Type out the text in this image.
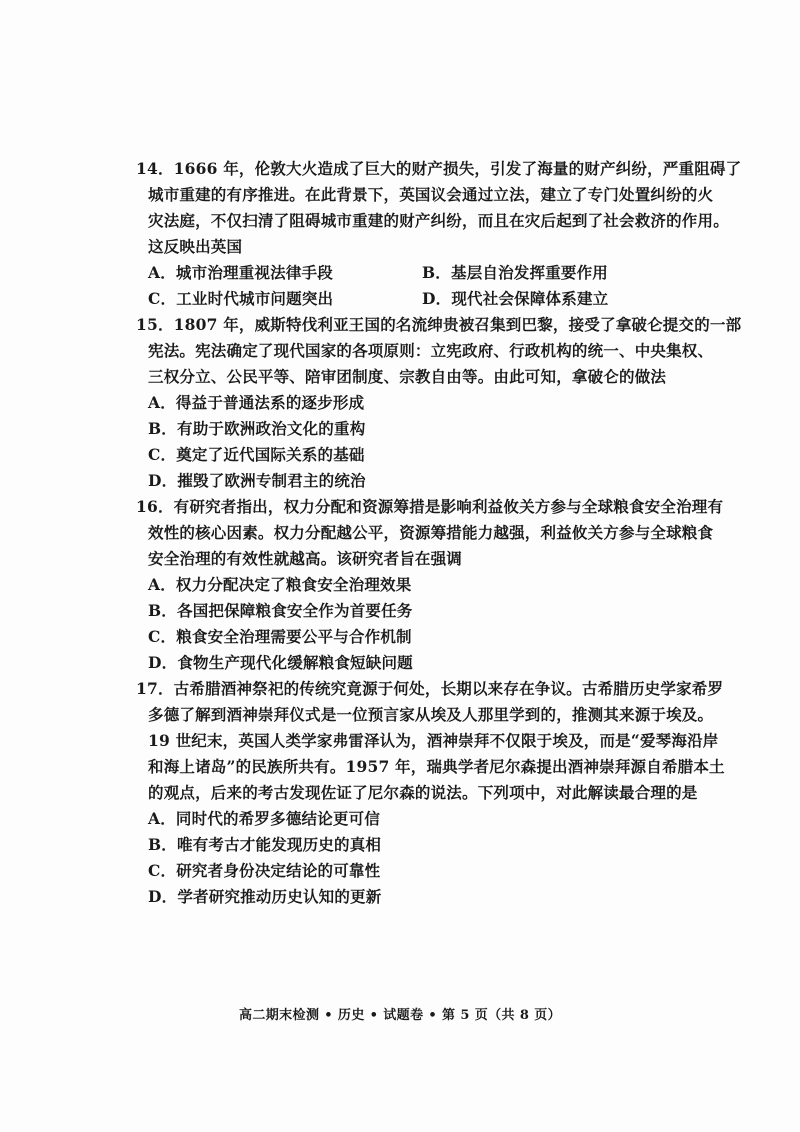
14．1666 年，伦敦大火造成了巨大的财产损失，引发了海量的财产纠纷，严重阻碍了
城市重建的有序推进。在此背景下，英国议会通过立法，建立了专门处置纠纷的火
灾法庭，不仅扫清了阻碍城市重建的财产纠纷，而且在灾后起到了社会救济的作用。
这反映出英国
A．城市治理重视法律手段	B．基层自治发挥重要作用
C．工业时代城市问题突出	D．现代社会保障体系建立
15．1807 年，威斯特伐利亚王国的名流绅贵被召集到巴黎，接受了拿破仑提交的一部
宪法。宪法确定了现代国家的各项原则：立宪政府、行政机构的统一、中央集权、
三权分立、公民平等、陪审团制度、宗教自由等。由此可知，拿破仑的做法
A．得益于普通法系的逐步形成
B．有助于欧洲政治文化的重构
C．奠定了近代国际关系的基础
D．摧毁了欧洲专制君主的统治
16．有研究者指出，权力分配和资源筹措是影响利益攸关方参与全球粮食安全治理有
效性的核心因素。权力分配越公平，资源筹措能力越强，利益攸关方参与全球粮食
安全治理的有效性就越高。该研究者旨在强调
A．权力分配决定了粮食安全治理效果
B．各国把保障粮食安全作为首要任务
C．粮食安全治理需要公平与合作机制
D．食物生产现代化缓解粮食短缺问题
17．古希腊酒神祭祀的传统究竟源于何处，长期以来存在争议。古希腊历史学家希罗
多德了解到酒神崇拜仪式是一位预言家从埃及人那里学到的，推测其来源于埃及。
19 世纪末，英国人类学家弗雷泽认为，酒神崇拜不仅限于埃及，而是“爱琴海沿岸
和海上诸岛”的民族所共有。1957 年，瑞典学者尼尔森提出酒神崇拜源自希腊本土
的观点，后来的考古发现佐证了尼尔森的说法。下列项中，对此解读最合理的是
A．同时代的希罗多德结论更可信
B．唯有考古才能发现历史的真相
C．研究者身份决定结论的可靠性
D．学者研究推动历史认知的更新
高二期末检测 • 历史 • 试题卷 • 第 5 页（共 8 页）
